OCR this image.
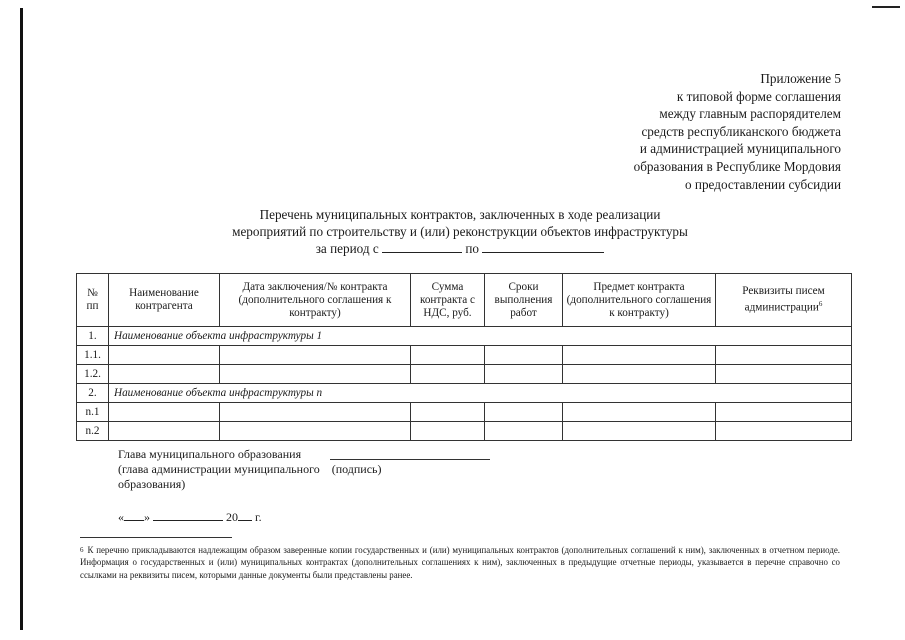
Приложение 5
к типовой форме соглашения
между главным распорядителем
средств республиканского бюджета
и администрацией муниципального
образования в Республике Мордовия
о предоставлении субсидии
Перечень муниципальных контрактов, заключенных в ходе реализации
мероприятий по строительству и (или) реконструкции объектов инфраструктуры
за период с	по
№ пп	Наименование контрагента	Дата заключения/№ контракта (дополнительного соглашения к контракту)	Сумма контракта с НДС, руб.	Сроки выполнения работ	Предмет контракта (дополнительного соглашения к контракту)	Реквизиты писем администрации$^6$
1.	Наименование объекта инфраструктуры 1					
1.1.						
1.2.						
2.	Наименование объекта инфраструктуры n					
n.1						
n.2						
Глава муниципального образования
(глава администрации муниципального (подпись)
образования)
« »	20 г.
$^6$ К перечню прикладываются надлежащим образом заверенные копии государственных и (или) муниципальных контрактов (дополнительных соглашений к ним), заключенных в отчетном периоде. Информация о государственных и (или) муниципальных контрактах (дополнительных соглашениях к ним), заключенных в предыдущие отчетные периоды, указывается в перечне справочно со ссылками на реквизиты писем, которыми данные документы были представлены ранее.
